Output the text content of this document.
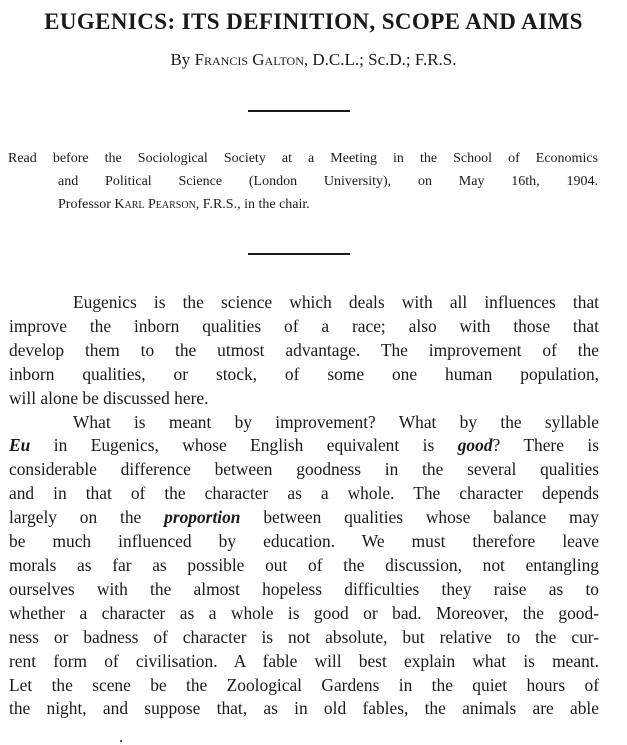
EUGENICS: ITS DEFINITION, SCOPE AND AIMS
By Francis Galton, D.C.L.; Sc.D.; F.R.S.

Read before the Sociological Society at a Meeting in the School of Economics

and Political Science (London University), on May 16th, 1904.
Professor Karl Pearson, F.R.S., in the chair.

Eugenics is the science which deals with all influences that
improve the inborn qualities of a race; also with those that
develop them to the utmost advantage. The improvement of the
inborn qualities, or stock, of some one human population,
will alone be discussed here.
What is meant by improvement? What by the syllable
Eu in Eugenics, whose English equivalent is good? There is
considerable difference between goodness in the several qualities
and in that of the character as a whole. The character depends
largely on the proportion between qualities whose balance may
be much influenced by education. We must therefore leave
morals as far as possible out of the discussion, not entangling
ourselves with the almost hopeless difficulties they raise as to
whether a character as a whole is good or bad. Moreover, the good-
ness or badness of character is not absolute, but relative to the cur-
rent form of civilisation. A fable will best explain what is meant.
Let the scene be the Zoological Gardens in the quiet hours of
the night, and suppose that, as in old fables, the animals are able
